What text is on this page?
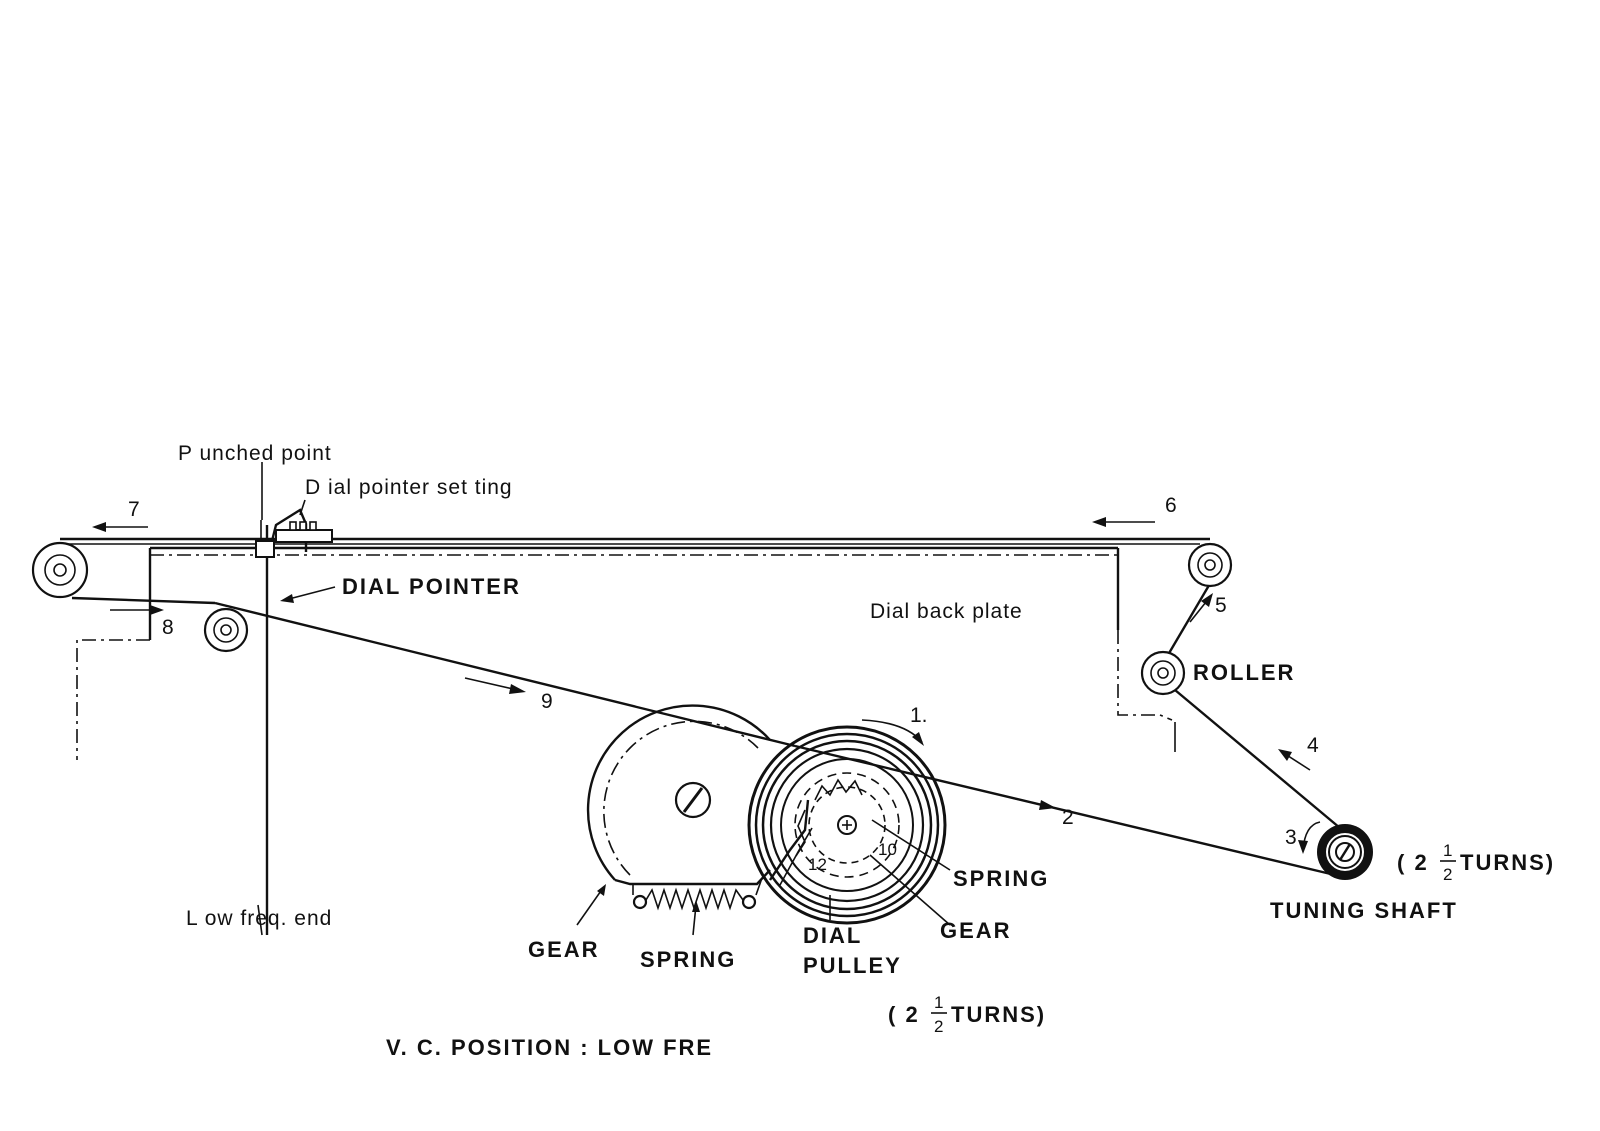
P unched point
D ial pointer set ting
DIAL POINTER
Dial back plate
ROLLER
TUNING SHAFT
L ow freq. end
GEAR SPRING
DIAL
PULLEY
SPRING
GEAR
V. C. POSITION : LOW FRE
( 2 1
2 TURNS)
( 2 1
2 TURNS)
1.
2
3
4
5
6
7
8
9
10
12
